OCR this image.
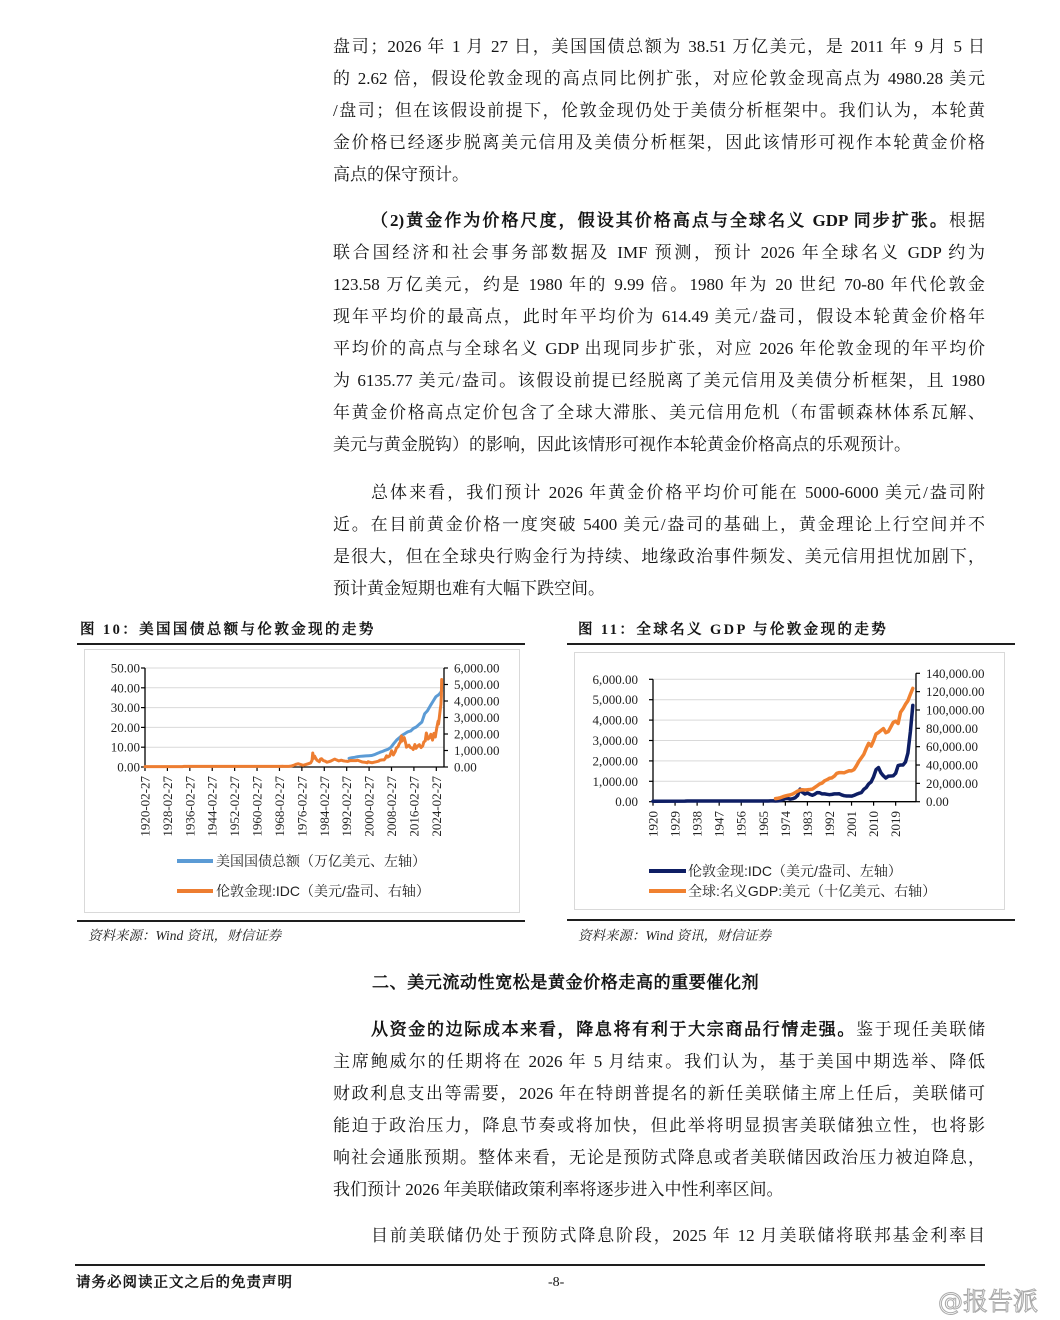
盘司；2026 年 1 月 27 日，美国国债总额为 38.51 万亿美元，是 2011 年 9 月 5 日
的 2.62 倍，假设伦敦金现的高点同比例扩张，对应伦敦金现高点为 4980.28 美元
/盘司；但在该假设前提下，伦敦金现仍处于美债分析框架中。我们认为，本轮黄
金价格已经逐步脱离美元信用及美债分析框架，因此该情形可视作本轮黄金价格
高点的保守预计。
（2)黄金作为价格尺度，假设其价格高点与全球名义 GDP 同步扩张。根据
联合国经济和社会事务部数据及 IMF 预测，预计 2026 年全球名义 GDP 约为
123.58 万亿美元，约是 1980 年的 9.99 倍。1980 年为 20 世纪 70-80 年代伦敦金
现年平均价的最高点，此时年平均价为 614.49 美元/盎司，假设本轮黄金价格年
平均价的高点与全球名义 GDP 出现同步扩张，对应 2026 年伦敦金现的年平均价
为 6135.77 美元/盎司。该假设前提已经脱离了美元信用及美债分析框架，且 1980
年黄金价格高点定价包含了全球大滞胀、美元信用危机（布雷顿森林体系瓦解、
美元与黄金脱钩）的影响，因此该情形可视作本轮黄金价格高点的乐观预计。
总体来看，我们预计 2026 年黄金价格平均价可能在 5000-6000 美元/盎司附
近。在目前黄金价格一度突破 5400 美元/盎司的基础上，黄金理论上行空间并不
是很大，但在全球央行购金行为持续、地缘政治事件频发、美元信用担忧加剧下，
预计黄金短期也难有大幅下跌空间。
图 10：美国国债总额与伦敦金现的走势
0.00
10.00
20.00
30.00
40.00
50.00
0.00
1,000.00
2,000.00
3,000.00
4,000.00
5,000.00
6,000.00
1920-02-27 1928-02-27 1936-02-27 1944-02-27 1952-02-27 1960-02-27 1968-02-27 1976-02-27 1984-02-27 1992-02-27 2000-02-27 2008-02-27 2016-02-27 2024-02-27
美国国债总额（万亿美元、左轴）
伦敦金现:IDC（美元/盎司、右轴）
资料来源：Wind 资讯，财信证券
图 11：全球名义 GDP 与伦敦金现的走势
0.00
1,000.00
2,000.00
3,000.00
4,000.00
5,000.00
6,000.00
0.00
20,000.00
40,000.00
60,000.00
80,000.00
100,000.00
120,000.00
140,000.00
1920 1929 1938 1947 1956 1965 1974 1983 1992 2001 2010 2019
伦敦金现:IDC（美元/盎司、左轴）
全球:名义GDP:美元（十亿美元、右轴）
资料来源：Wind 资讯，财信证券
二、美元流动性宽松是黄金价格走高的重要催化剂
从资金的边际成本来看，降息将有利于大宗商品行情走强。鉴于现任美联储
主席鲍威尔的任期将在 2026 年 5 月结束。我们认为，基于美国中期选举、降低
财政利息支出等需要，2026 年在特朗普提名的新任美联储主席上任后，美联储可
能迫于政治压力，降息节奏或将加快，但此举将明显损害美联储独立性，也将影
响社会通胀预期。整体来看，无论是预防式降息或者美联储因政治压力被迫降息，
我们预计 2026 年美联储政策利率将逐步进入中性利率区间。
目前美联储仍处于预防式降息阶段，2025 年 12 月美联储将联邦基金利率目
请务必阅读正文之后的免责声明	-8-
@报告派
